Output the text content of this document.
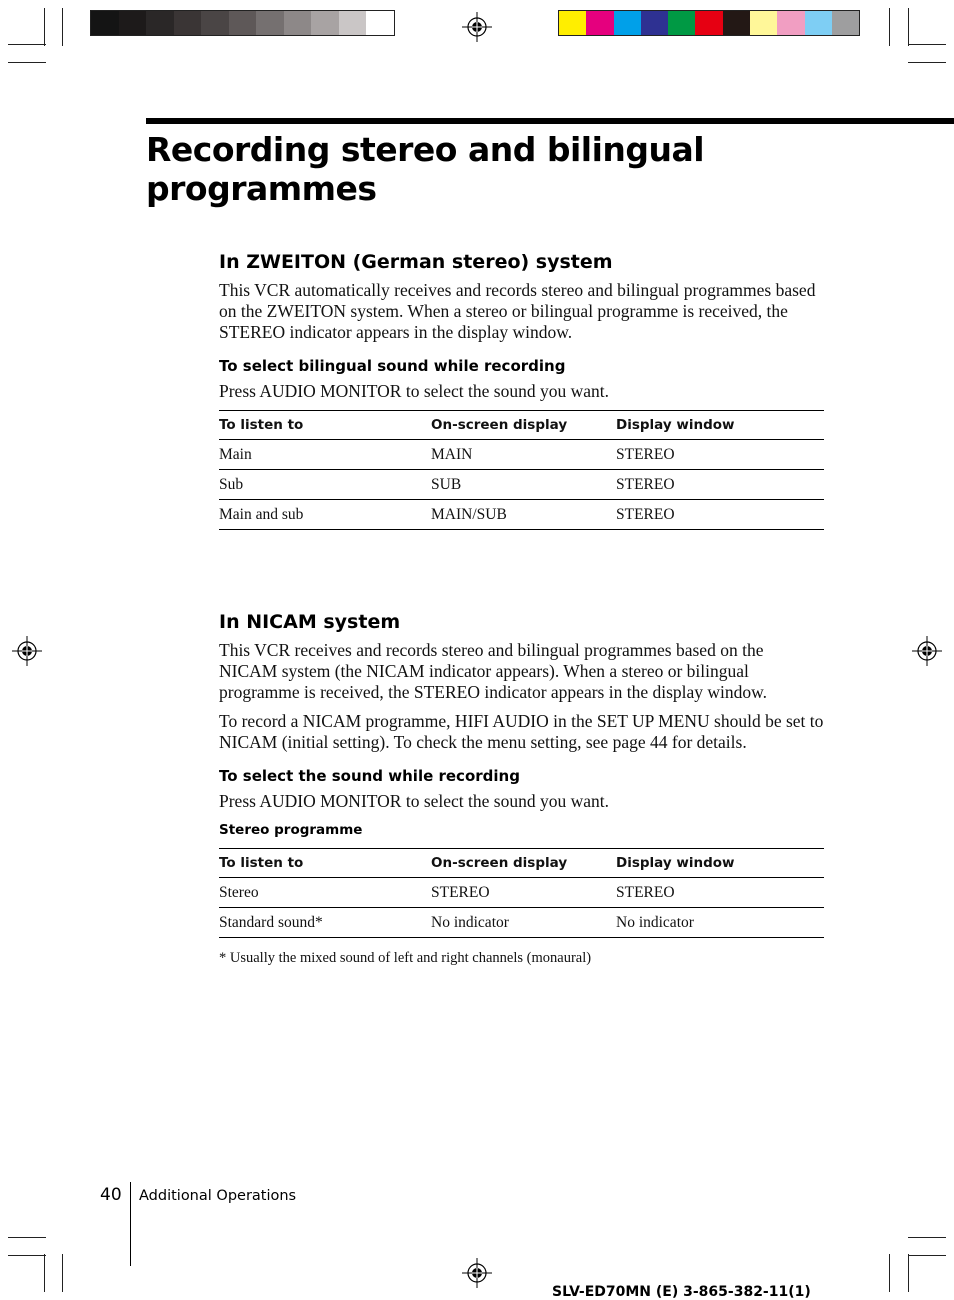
Recording stereo and bilingual programmes
In ZWEITON (German stereo) system

This VCR automatically receives and records stereo and bilingual programmes based on the ZWEITON system. When a stereo or bilingual programme is received, the STEREO indicator appears in the display window.

To select bilingual sound while recording

Press AUDIO MONITOR to select the sound you want.

To listen to	On-screen display	Display window
Main	MAIN	STEREO
Sub	SUB	STEREO
Main and sub	MAIN/SUB	STEREO
In NICAM system

This VCR receives and records stereo and bilingual programmes based on the NICAM system (the NICAM indicator appears). When a stereo or bilingual programme is received, the STEREO indicator appears in the display window.

To record a NICAM programme, HIFI AUDIO in the SET UP MENU should be set to NICAM (initial setting). To check the menu setting, see page 44 for details.

To select the sound while recording

Press AUDIO MONITOR to select the sound you want.

Stereo programme
To listen to	On-screen display	Display window
Stereo	STEREO	STEREO
Standard sound*	No indicator	No indicator
* Usually the mixed sound of left and right channels (monaural)
40 Additional Operations
SLV-ED70MN (E) 3-865-382-11(1)
